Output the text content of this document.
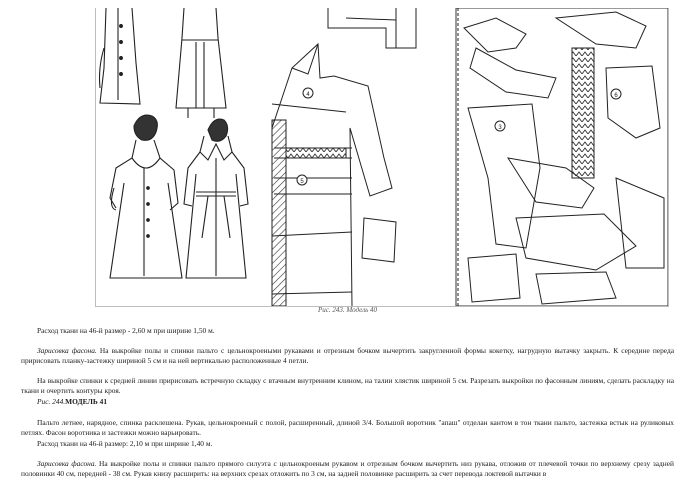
4
5
3
6
Рис. 243. Модель 40
Расход ткани на 46-й размер - 2,60 м при ширине 1,50 м.
Зарисовка фасона. На выкройке полы и спинки пальто с цельнокроеными рукавами и отрезным бочком вычертить закругленной формы кокетку, нагрудную вытачку закрыть. К середине переда пририсовать планку-застежку шириной 5 см и на ней вертикально расположенные 4 петли.
На выкройке спинки к средней линии пририсовать встречную складку с втачным внутренним клином, на талии хлястик шириной 5 см. Разрезать выкройки по фасонным линиям, сделать раскладку на ткани и очертить контуры кроя.
Рис. 244.МОДЕЛЬ 41
Пальто летнее, нарядное, спинка расклешена. Рукав, цельнокроеный с полой, расширенный, длиной 3/4. Большой воротник "апаш" отделан кантом в тон ткани пальто, застежка встык на руликовых петлях. Фасон воротника и застежки можно варьировать.
Расход ткани на 46-й размер: 2,10 м при ширине 1,40 м.
Зарисовка фасона. На выкройке полы и спинки пальто прямого силуэта с цельнокроеным рукавом и отрезным бочком вычертить низ рукава, отложив от плечевой точки по верхнему срезу задней половинки 40 см, передней - 38 см. Рукав книзу расширить: на верхних срезах отложить по 3 см, на задней половинке расширить за счет перевода локтевой вытачки в
